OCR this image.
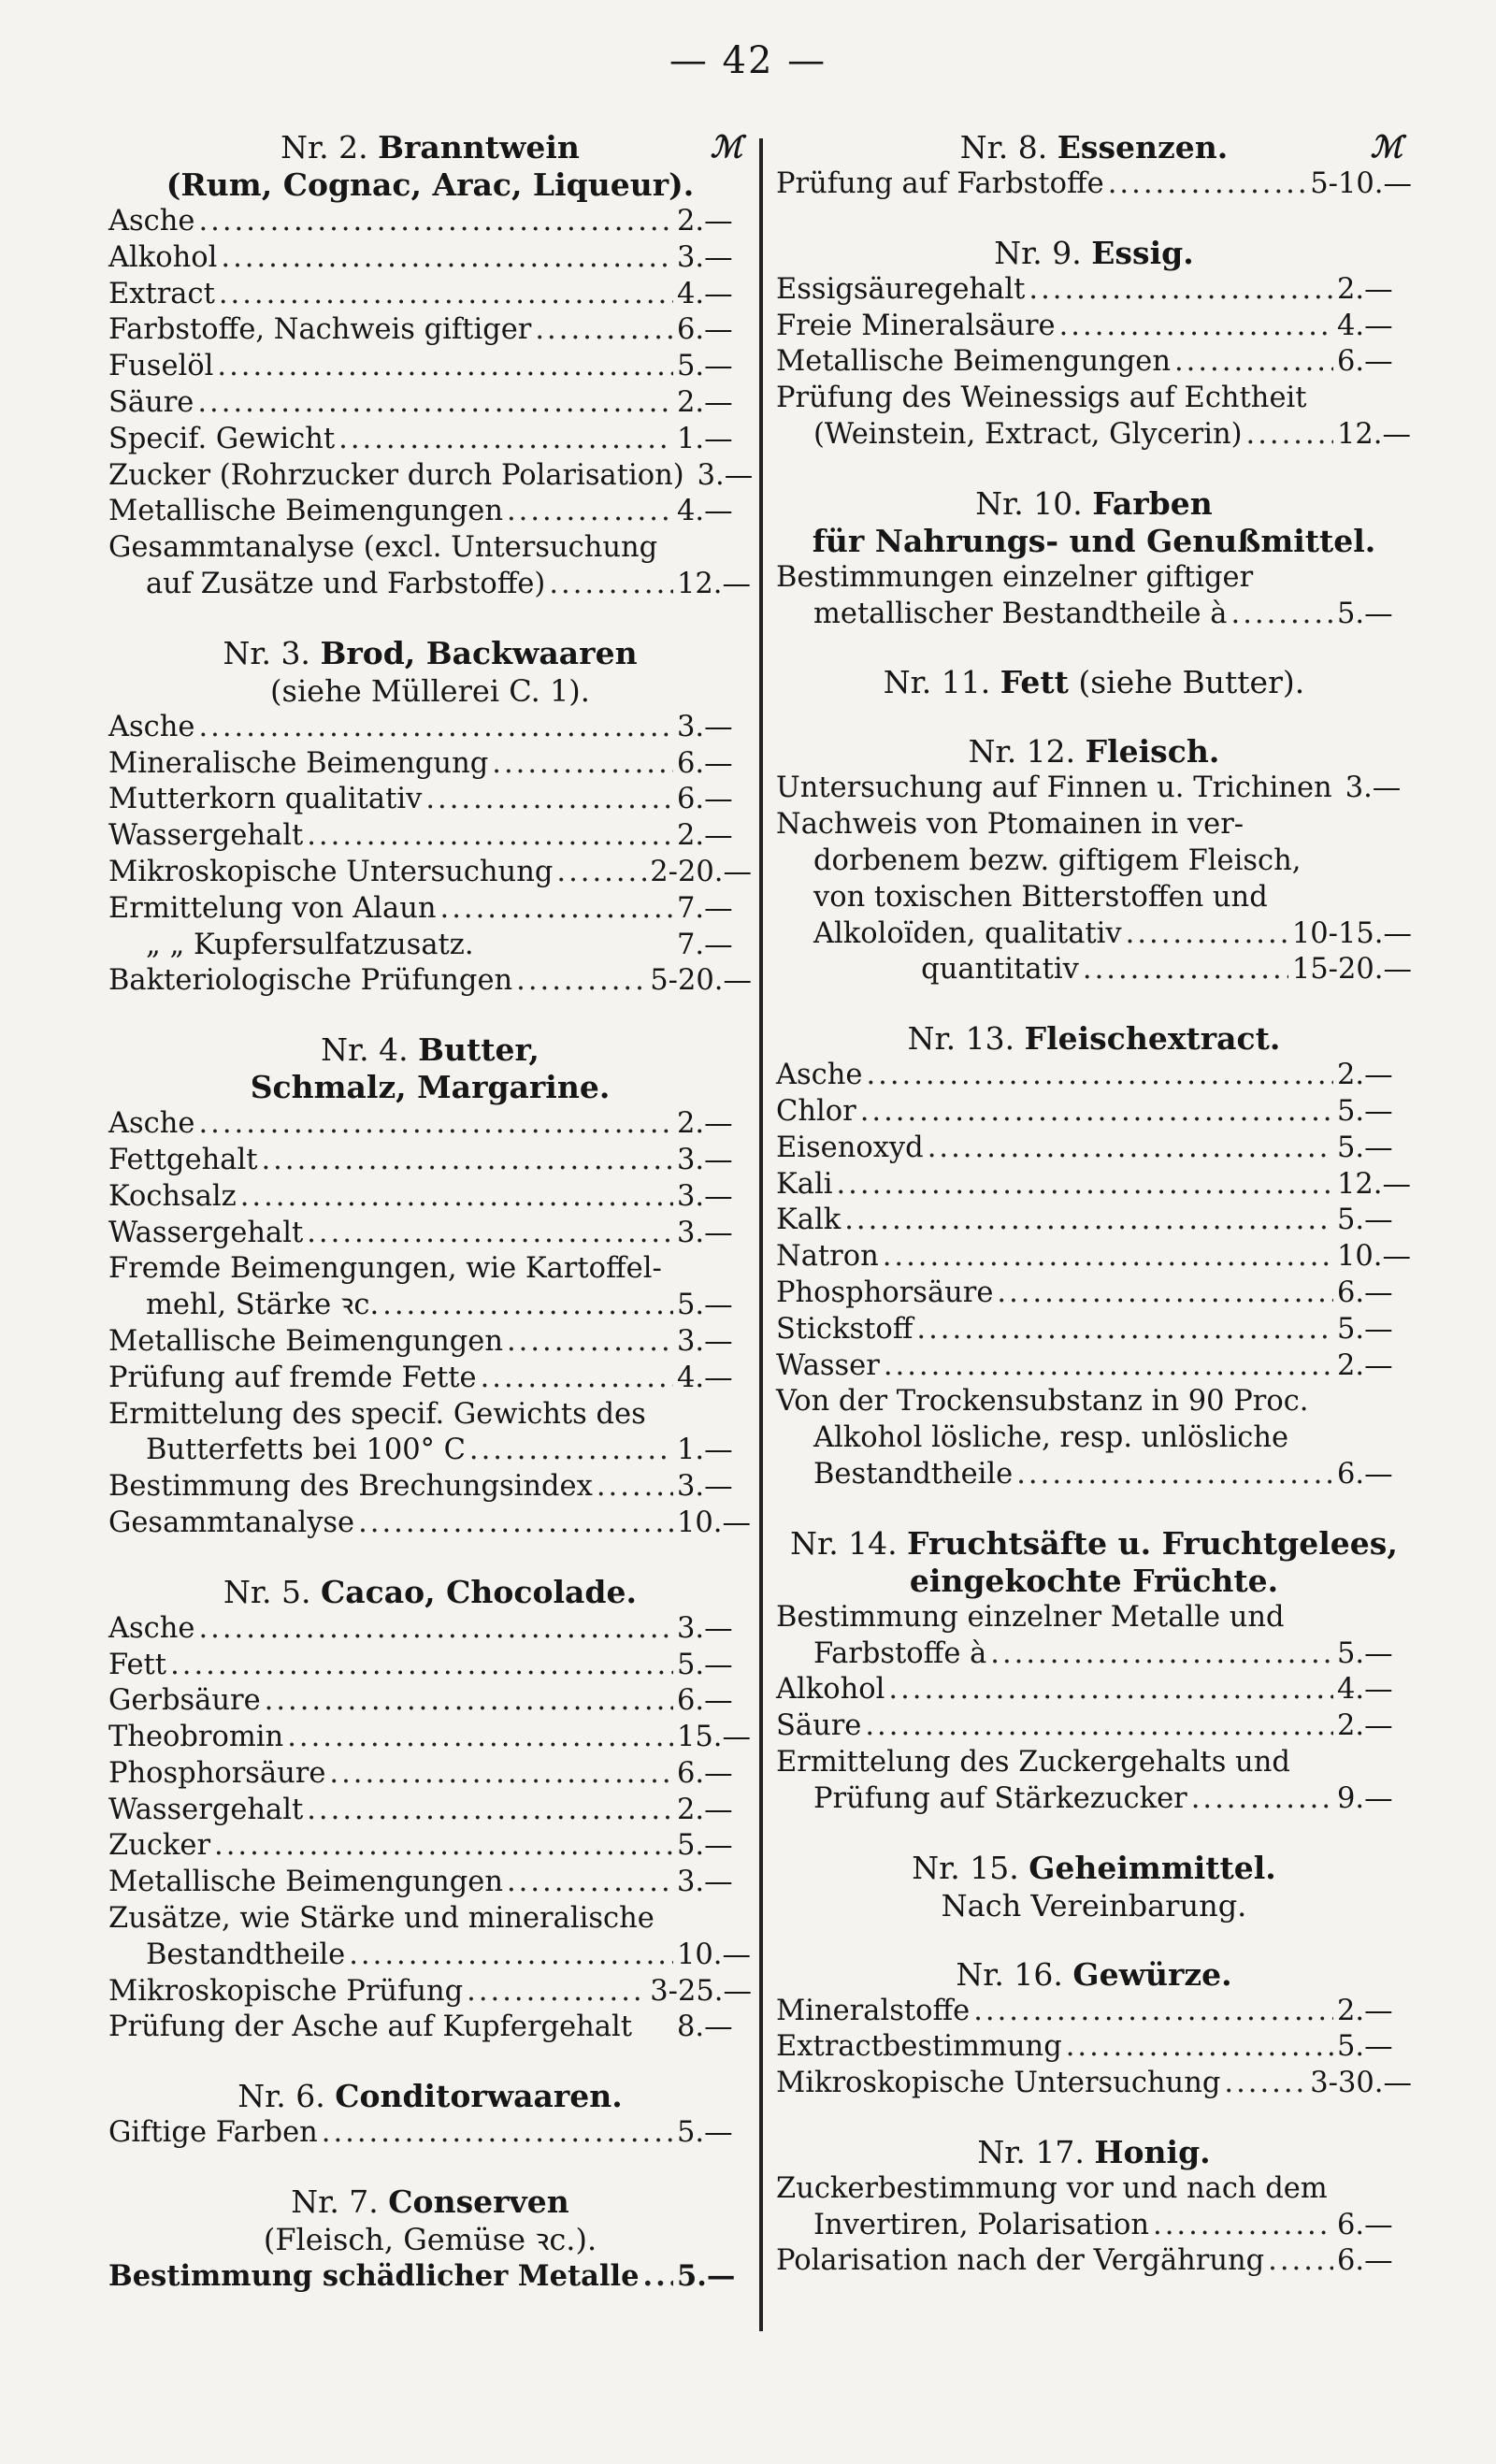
— 42 —
Nr. 2. Branntwein	ℳ
(Rum, Cognac, Arac, Liqueur).
Asche .....	2.—
Alkohol .....	3.—
Extract .....	4.—
Farbstoffe, Nachweis giftiger .....	6.—
Fuselöl .....	5.—
Säure .....	2.—
Specif. Gewicht .....	1.—
Zucker (Rohrzucker durch Polarisation) 3.—
Metallische Beimengungen .....	4.—
Gesammtanalyse (excl. Untersuchung
auf Zusätze und Farbstoffe) .....	12.—
Nr. 3. Brod, Backwaaren
(siehe Müllerei C. 1).
Asche .....	3.—
Mineralische Beimengung .....	6.—
Mutterkorn qualitativ .....	6.—
Wassergehalt .....	2.—
Mikroskopische Untersuchung .....	2-20.—
Ermittelung von Alaun .....	7.—
„ „ Kupfersulfatzusatz.	7.—
Bakteriologische Prüfungen .....	5-20.—
Nr. 4. Butter,
Schmalz, Margarine.
Asche .....	2.—
Fettgehalt .....	3.—
Kochsalz .....	3.—
Wassergehalt .....	3.—
Fremde Beimengungen, wie Kartoffel-
mehl, Stärke ꝛc. .....	5.—
Metallische Beimengungen .....	3.—
Prüfung auf fremde Fette .....	4.—
Ermittelung des specif. Gewichts des
Butterfetts bei 100° C .....	1.—
Bestimmung des Brechungsindex .....	3.—
Gesammtanalyse .....	10.—
Nr. 5. Cacao, Chocolade.
Asche .....	3.—
Fett .....	5.—
Gerbsäure .....	6.—
Theobromin .....	15.—
Phosphorsäure .....	6.—
Wassergehalt .....	2.—
Zucker .....	5.—
Metallische Beimengungen .....	3.—
Zusätze, wie Stärke und mineralische
Bestandtheile .....	10.—
Mikroskopische Prüfung .....	3-25.—
Prüfung der Asche auf Kupfergehalt 8.—
Nr. 6. Conditorwaaren.
Giftige Farben .....	5.—
Nr. 7. Conserven
(Fleisch, Gemüse ꝛc.).
Bestimmung schädlicher Metalle ..... 5.—
Nr. 8. Essenzen.	ℳ
Prüfung auf Farbstoffe .....	5-10.—
Nr. 9. Essig.
Essigsäuregehalt .....	2.—
Freie Mineralsäure .....	4.—
Metallische Beimengungen .....	6.—
Prüfung des Weinessigs auf Echtheit
(Weinstein, Extract, Glycerin) .....	12.—
Nr. 10. Farben
für Nahrungs- und Genußmittel.
Bestimmungen einzelner giftiger
metallischer Bestandtheile à .....	5.—
Nr. 11. Fett (siehe Butter).
Nr. 12. Fleisch.
Untersuchung auf Finnen u. Trichinen 3.—
Nachweis von Ptomainen in ver-
dorbenem bezw. giftigem Fleisch,
von toxischen Bitterstoffen und
Alkoloïden, qualitativ .....	10-15.—
quantitativ .....	15-20.—
Nr. 13. Fleischextract.
Asche .....	2.—
Chlor .....	5.—
Eisenoxyd .....	5.—
Kali .....	12.—
Kalk .....	5.—
Natron .....	10.—
Phosphorsäure .....	6.—
Stickstoff .....	5.—
Wasser .....	2.—
Von der Trockensubstanz in 90 Proc.
Alkohol lösliche, resp. unlösliche
Bestandtheile .....	6.—
Nr. 14. Fruchtsäfte u. Fruchtgelees,
eingekochte Früchte.
Bestimmung einzelner Metalle und
Farbstoffe à .....	5.—
Alkohol .....	4.—
Säure .....	2.—
Ermittelung des Zuckergehalts und
Prüfung auf Stärkezucker .....	9.—
Nr. 15. Geheimmittel.
Nach Vereinbarung.
Nr. 16. Gewürze.
Mineralstoffe .....	2.—
Extractbestimmung .....	5.—
Mikroskopische Untersuchung .....	3-30.—
Nr. 17. Honig.
Zuckerbestimmung vor und nach dem
Invertiren, Polarisation .....	6.—
Polarisation nach der Vergährung .....	6.—
